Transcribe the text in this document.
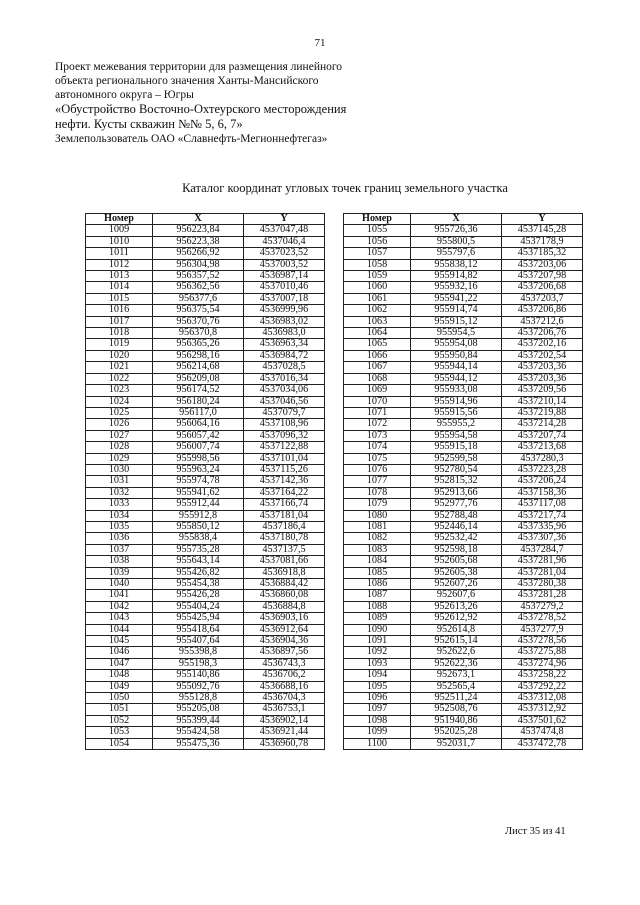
71
Проект межевания территории для размещения линейного
объекта регионального значения Ханты-Мансийского
автономного округа – Югры
«Обустройство Восточно-Охтеурского месторождения
нефти. Кусты скважин №№ 5, 6, 7»
Землепользователь ОАО «Славнефть-Мегионнефтегаз»
Каталог координат угловых точек границ земельного участка
Номер	X	Y
1009	956223,84	4537047,48
1010	956223,38	4537046,4
1011	956266,92	4537023,52
1012	956304,98	4537003,52
1013	956357,52	4536987,14
1014	956362,56	4537010,46
1015	956377,6	4537007,18
1016	956375,54	4536999,96
1017	956370,76	4536983,02
1018	956370,8	4536983,0
1019	956365,26	4536963,34
1020	956298,16	4536984,72
1021	956214,68	4537028,5
1022	956209,08	4537016,34
1023	956174,52	4537034,06
1024	956180,24	4537046,56
1025	956117,0	4537079,7
1026	956064,16	4537108,96
1027	956057,42	4537096,32
1028	956007,74	4537122,88
1029	955998,56	4537101,04
1030	955963,24	4537115,26
1031	955974,78	4537142,36
1032	955941,62	4537164,22
1033	955912,44	4537166,74
1034	955912,8	4537181,04
1035	955850,12	4537186,4
1036	955838,4	4537180,78
1037	955735,28	4537137,5
1038	955643,14	4537081,66
1039	955426,82	4536918,8
1040	955454,38	4536884,42
1041	955426,28	4536860,08
1042	955404,24	4536884,8
1043	955425,94	4536903,16
1044	955418,64	4536912,64
1045	955407,64	4536904,36
1046	955398,8	4536897,56
1047	955198,3	4536743,3
1048	955140,86	4536706,2
1049	955092,76	4536688,16
1050	955128,8	4536704,3
1051	955205,08	4536753,1
1052	955399,44	4536902,14
1053	955424,58	4536921,44
1054	955475,36	4536960,78
Номер	X	Y
1055	955726,36	4537145,28
1056	955800,5	4537178,9
1057	955797,6	4537185,32
1058	955838,12	4537203,06
1059	955914,82	4537207,98
1060	955932,16	4537206,68
1061	955941,22	4537203,7
1062	955914,74	4537206,86
1063	955915,12	4537212,6
1064	955954,5	4537206,76
1065	955954,08	4537202,16
1066	955950,84	4537202,54
1067	955944,14	4537203,36
1068	955944,12	4537203,36
1069	955933,08	4537209,56
1070	955914,96	4537210,14
1071	955915,56	4537219,88
1072	955955,2	4537214,28
1073	955954,58	4537207,74
1074	955915,18	4537213,68
1075	952599,58	4537280,3
1076	952780,54	4537223,28
1077	952815,32	4537206,24
1078	952913,66	4537158,36
1079	952977,76	4537117,08
1080	952788,48	4537217,74
1081	952446,14	4537335,96
1082	952532,42	4537307,36
1083	952598,18	4537284,7
1084	952605,68	4537281,96
1085	952605,38	4537281,04
1086	952607,26	4537280,38
1087	952607,6	4537281,28
1088	952613,26	4537279,2
1089	952612,92	4537278,52
1090	952614,8	4537277,9
1091	952615,14	4537278,56
1092	952622,6	4537275,88
1093	952622,36	4537274,96
1094	952673,1	4537258,22
1095	952565,4	4537292,22
1096	952511,24	4537312,08
1097	952508,76	4537312,92
1098	951940,86	4537501,62
1099	952025,28	4537474,8
1100	952031,7	4537472,78
Лист 35 из 41
